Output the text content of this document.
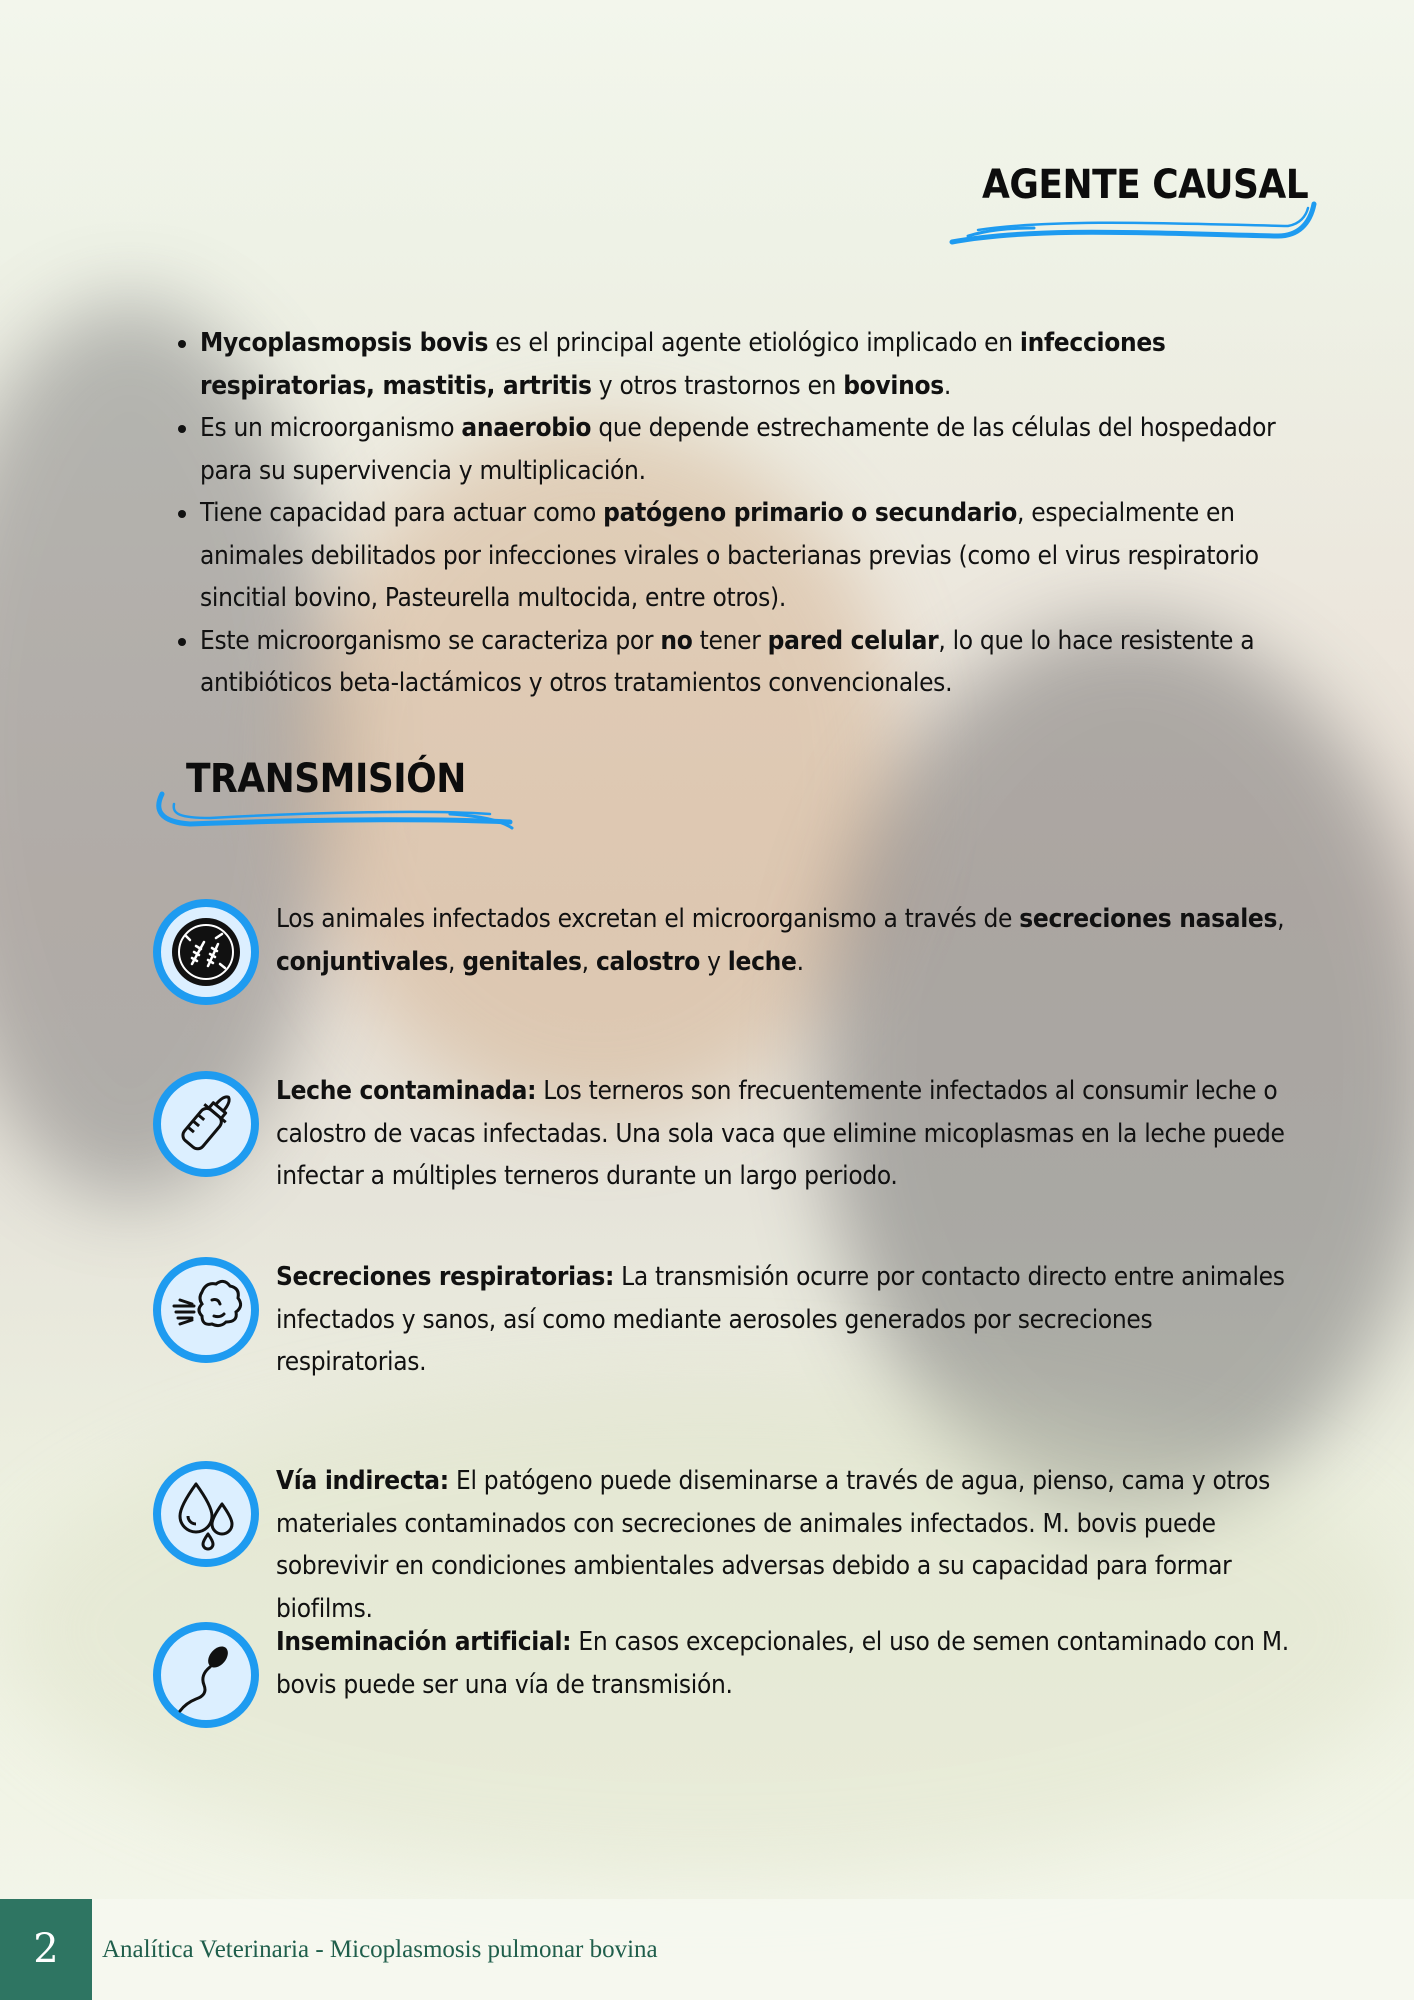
AGENTE CAUSAL
• Mycoplasmopsis bovis es el principal agente etiológico implicado en infecciones respiratorias, mastitis, artritis y otros trastornos en bovinos.
• Es un microorganismo anaerobio que depende estrechamente de las células del hospedador para su supervivencia y multiplicación.
• Tiene capacidad para actuar como patógeno primario o secundario, especialmente en animales debilitados por infecciones virales o bacterianas previas (como el virus respiratorio sincitial bovino, Pasteurella multocida, entre otros).
• Este microorganismo se caracteriza por no tener pared celular, lo que lo hace resistente a antibióticos beta-lactámicos y otros tratamientos convencionales.
TRANSMISIÓN

Los animales infectados excretan el microorganismo a través de secreciones nasales, conjuntivales, genitales, calostro y leche.

Leche contaminada: Los terneros son frecuentemente infectados al consumir leche o calostro de vacas infectadas. Una sola vaca que elimine micoplasmas en la leche puede infectar a múltiples terneros durante un largo periodo.

Secreciones respiratorias: La transmisión ocurre por contacto directo entre animales infectados y sanos, así como mediante aerosoles generados por secreciones respiratorias.

Vía indirecta: El patógeno puede diseminarse a través de agua, pienso, cama y otros materiales contaminados con secreciones de animales infectados. M. bovis puede sobrevivir en condiciones ambientales adversas debido a su capacidad para formar biofilms.

Inseminación artificial: En casos excepcionales, el uso de semen contaminado con M. bovis puede ser una vía de transmisión.

2	Analítica Veterinaria - Micoplasmosis pulmonar bovina
